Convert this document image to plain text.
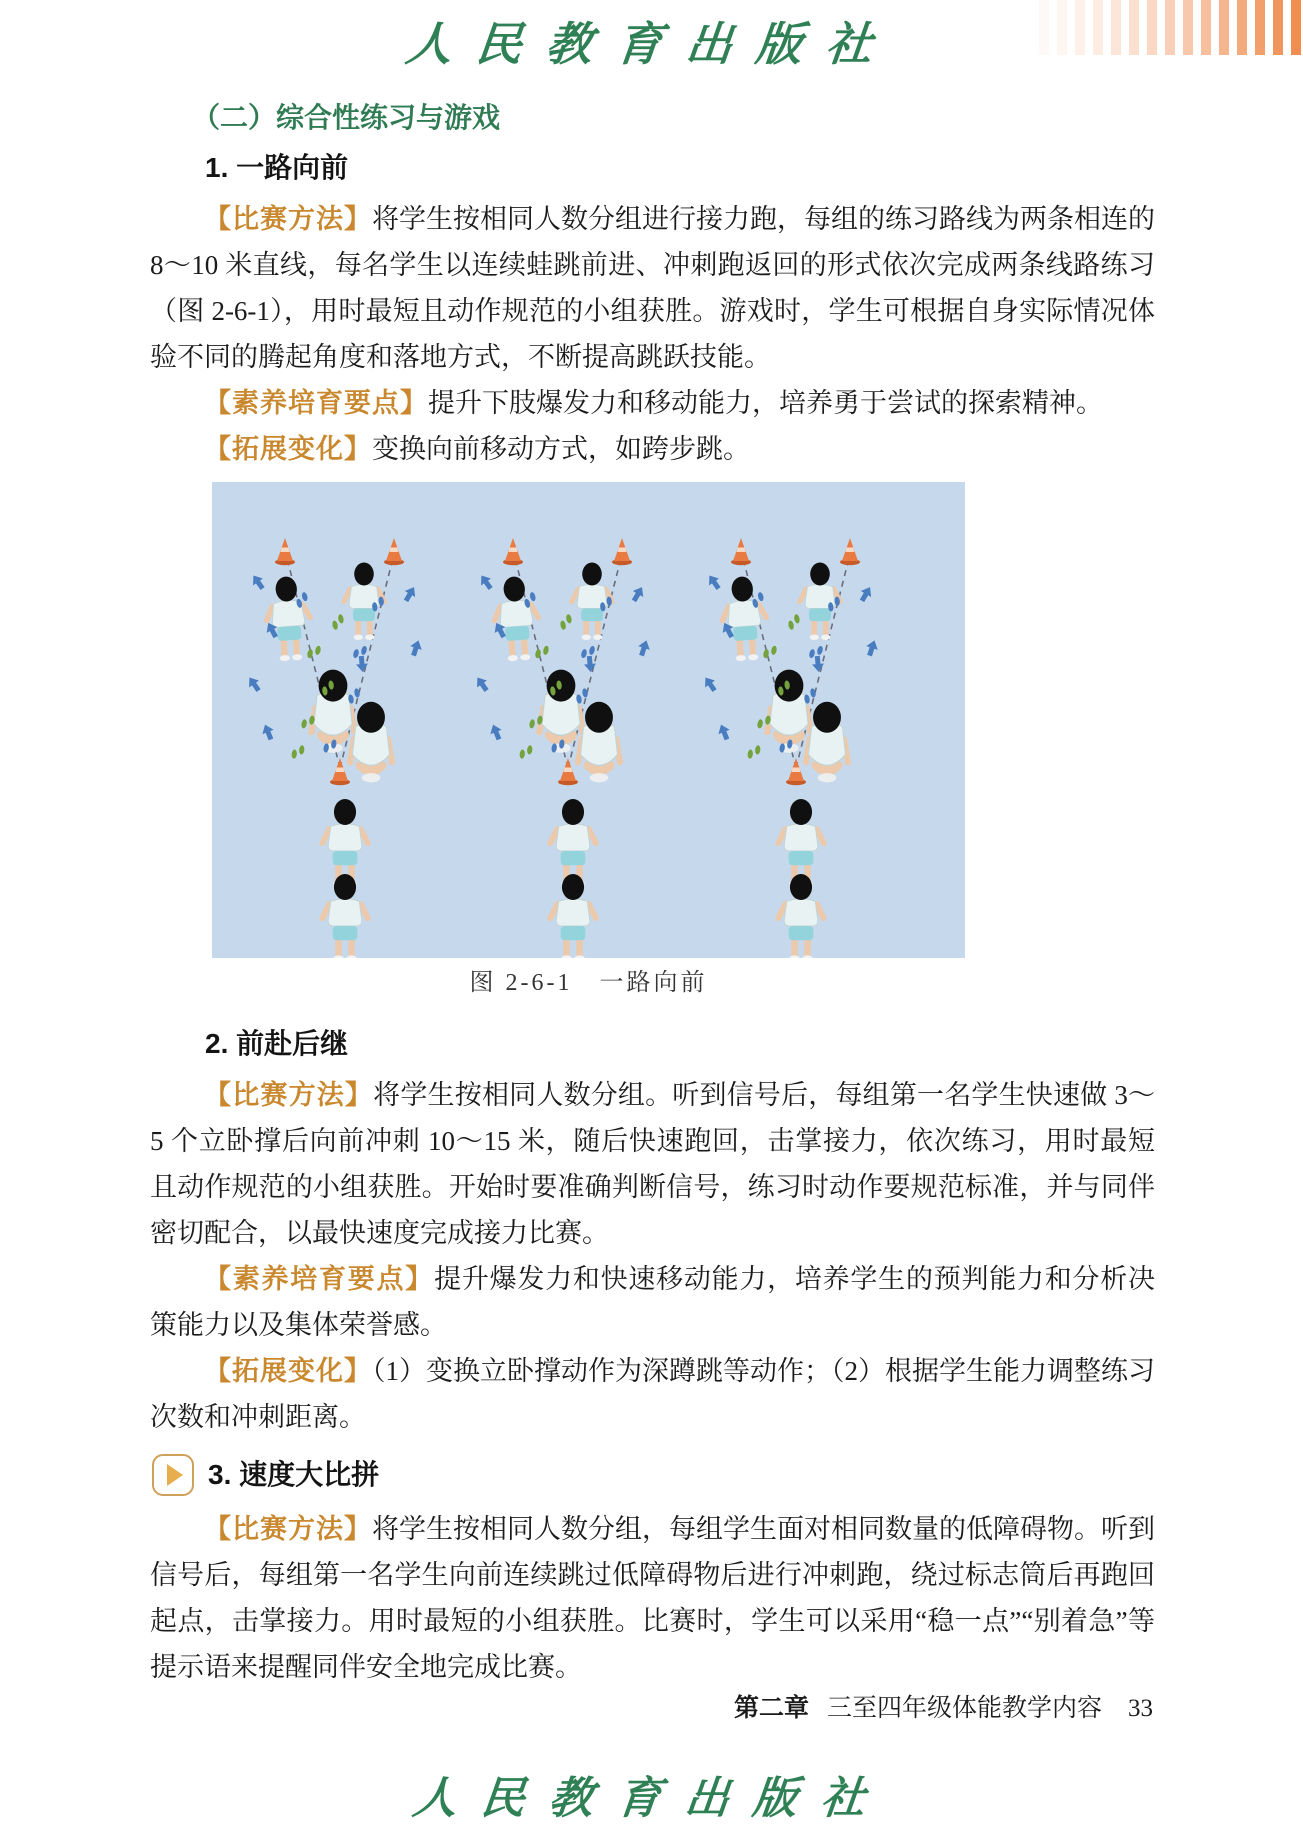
人民教育出版社
（二）综合性练习与游戏
1. 一路向前

【比赛方法】将学生按相同人数分组进行接力跑，每组的练习路线为两条相连的 8～10 米直线，每名学生以连续蛙跳前进、冲刺跑返回的形式依次完成两条线路练习（图 2-6-1），用时最短且动作规范的小组获胜。游戏时，学生可根据自身实际情况体验不同的腾起角度和落地方式，不断提高跳跃技能。

【素养培育要点】提升下肢爆发力和移动能力，培养勇于尝试的探索精神。

【拓展变化】变换向前移动方式，如跨步跳。

图 2-6-1　一路向前
2. 前赴后继

【比赛方法】将学生按相同人数分组。听到信号后，每组第一名学生快速做 3～5 个立卧撑后向前冲刺 10～15 米，随后快速跑回，击掌接力，依次练习，用时最短且动作规范的小组获胜。开始时要准确判断信号，练习时动作要规范标准，并与同伴密切配合，以最快速度完成接力比赛。

【素养培育要点】提升爆发力和快速移动能力，培养学生的预判能力和分析决策能力以及集体荣誉感。

【拓展变化】（1）变换立卧撑动作为深蹲跳等动作；（2）根据学生能力调整练习次数和冲刺距离。

3. 速度大比拼

【比赛方法】将学生按相同人数分组，每组学生面对相同数量的低障碍物。听到信号后，每组第一名学生向前连续跳过低障碍物后进行冲刺跑，绕过标志筒后再跑回起点，击掌接力。用时最短的小组获胜。比赛时，学生可以采用“稳一点”“别着急”等提示语来提醒同伴安全地完成比赛。

第二章 三至四年级体能教学内容 33
人民教育出版社
